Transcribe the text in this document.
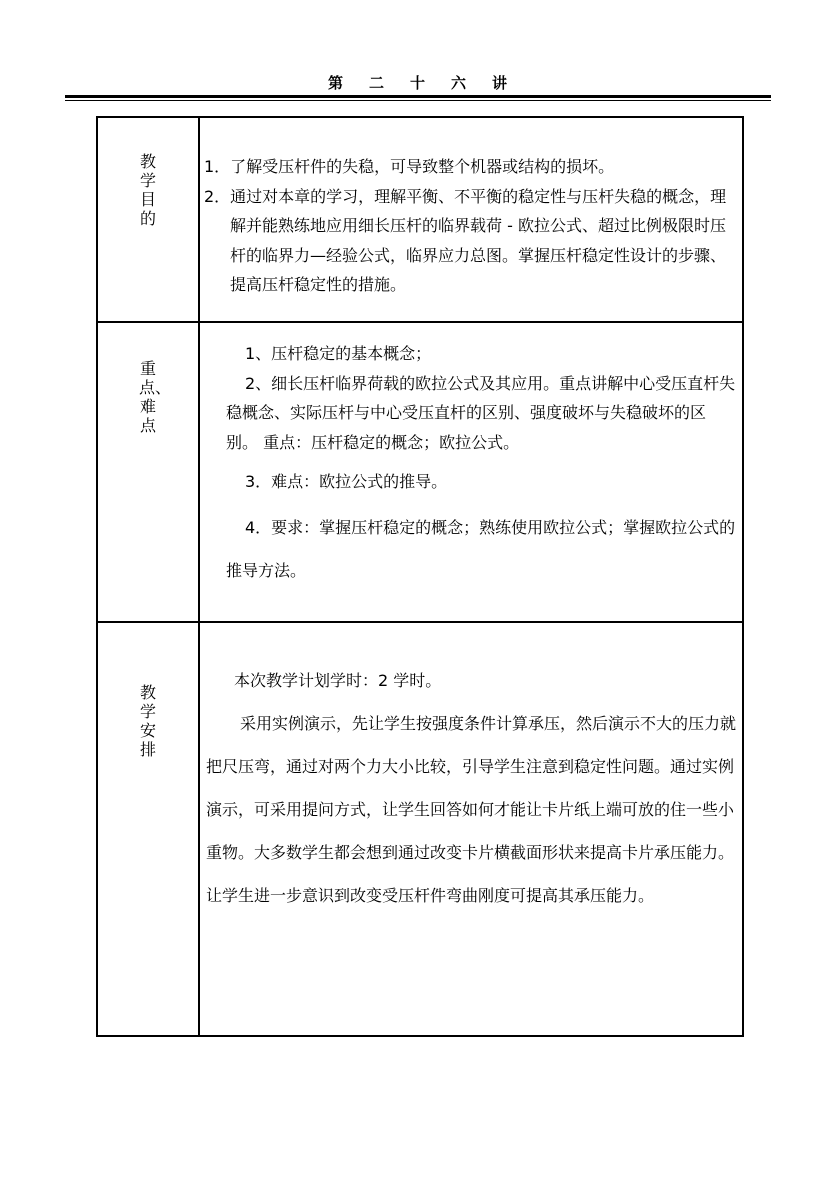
第二十六讲
教学目的

1．了解受压杆件的失稳，可导致整个机器或结构的损坏。

2．通过对本章的学习，理解平衡、不平衡的稳定性与压杆失稳的概念，理解并能熟练地应用细长压杆的临界载荷 - 欧拉公式、超过比例极限时压杆的临界力—经验公式，临界应力总图。掌握压杆稳定性设计的步骤、提高压杆稳定性的措施。

重点、难点

1、压杆稳定的基本概念；

2、细长压杆临界荷载的欧拉公式及其应用。重点讲解中心受压直杆失稳概念、实际压杆与中心受压直杆的区别、强度破坏与失稳破坏的区别。 重点：压杆稳定的概念；欧拉公式。

3．难点：欧拉公式的推导。

4．要求：掌握压杆稳定的概念；熟练使用欧拉公式；掌握欧拉公式的推导方法。

教学安排

本次教学计划学时：2 学时。

采用实例演示，先让学生按强度条件计算承压，然后演示不大的压力就把尺压弯，通过对两个力大小比较，引导学生注意到稳定性问题。通过实例演示，可采用提问方式，让学生回答如何才能让卡片纸上端可放的住一些小重物。大多数学生都会想到通过改变卡片横截面形状来提高卡片承压能力。让学生进一步意识到改变受压杆件弯曲刚度可提高其承压能力。
